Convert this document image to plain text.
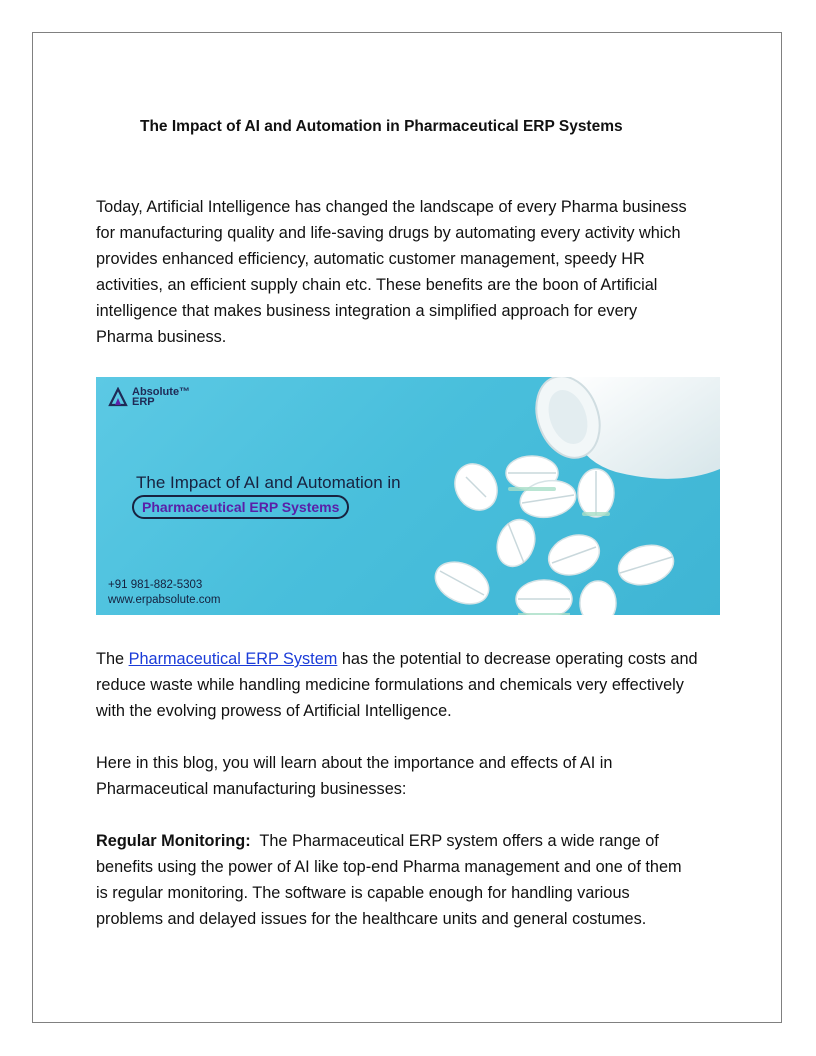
The Impact of AI and Automation in Pharmaceutical ERP Systems

Today, Artificial Intelligence has changed the landscape of every Pharma business
for manufacturing quality and life-saving drugs by automating every activity which
provides enhanced efficiency, automatic customer management, speedy HR
activities, an efficient supply chain etc. These benefits are the boon of Artificial
intelligence that makes business integration a simplified approach for every
Pharma business.

Absolute™
ERP
The Impact of AI and Automation in
Pharmaceutical ERP Systems
+91 981-882-5303
www.erpabsolute.com

The Pharmaceutical ERP System has the potential to decrease operating costs and
reduce waste while handling medicine formulations and chemicals very effectively
with the evolving prowess of Artificial Intelligence.

Here in this blog, you will learn about the importance and effects of AI in
Pharmaceutical manufacturing businesses:

Regular Monitoring:  The Pharmaceutical ERP system offers a wide range of
benefits using the power of AI like top-end Pharma management and one of them
is regular monitoring. The software is capable enough for handling various
problems and delayed issues for the healthcare units and general costumes.
